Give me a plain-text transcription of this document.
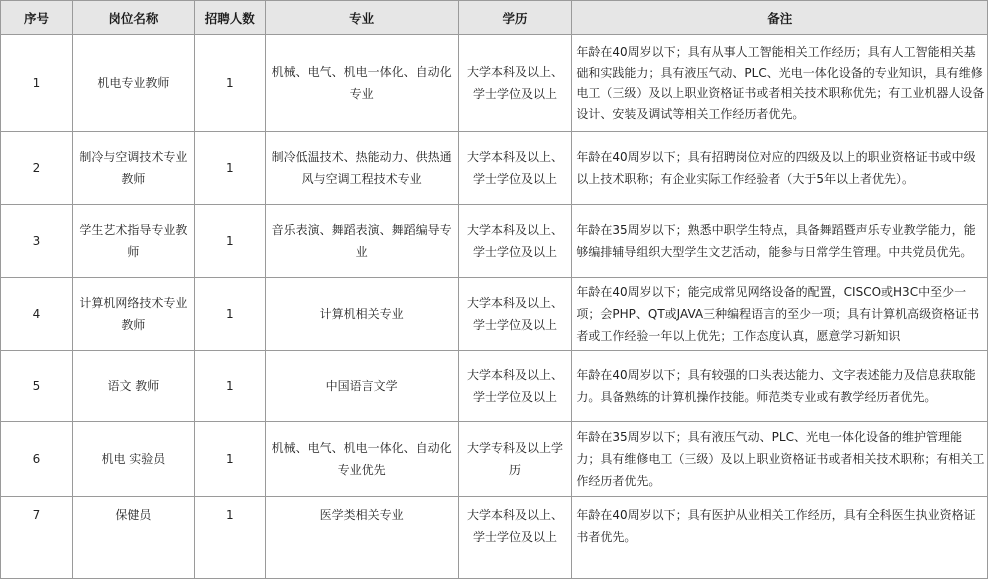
序号	岗位名称	招聘人数	专业	学历	备注
1	机电专业教师	1	机械、电气、机电一体化、自动化专业	大学本科及以上、学士学位及以上	年龄在40周岁以下；具有从事人工智能相关工作经历；具有人工智能相关基础和实践能力；具有液压气动、PLC、光电一体化设备的专业知识，具有维修电工（三级）及以上职业资格证书或者相关技术职称优先；有工业机器人设备设计、安装及调试等相关工作经历者优先。
2	制冷与空调技术专业教师	1	制冷低温技术、热能动力、供热通风与空调工程技术专业	大学本科及以上、学士学位及以上	年龄在40周岁以下；具有招聘岗位对应的四级及以上的职业资格证书或中级以上技术职称；有企业实际工作经验者（大于5年以上者优先）。
3	学生艺术指导专业教师	1	音乐表演、舞蹈表演、舞蹈编导专业	大学本科及以上、学士学位及以上	年龄在35周岁以下；熟悉中职学生特点，具备舞蹈暨声乐专业教学能力，能够编排辅导组织大型学生文艺活动，能参与日常学生管理。中共党员优先。
4	计算机网络技术专业教师	1	计算机相关专业	大学本科及以上、学士学位及以上	年龄在40周岁以下；能完成常见网络设备的配置，CISCO或H3C中至少一项；会PHP、QT或JAVA三种编程语言的至少一项；具有计算机高级资格证书者或工作经验一年以上优先；工作态度认真，愿意学习新知识
5	语文 教师	1	中国语言文学	大学本科及以上、学士学位及以上	年龄在40周岁以下；具有较强的口头表达能力、文字表述能力及信息获取能力。具备熟练的计算机操作技能。师范类专业或有教学经历者优先。
6	机电 实验员	1	机械、电气、机电一体化、自动化专业优先	大学专科及以上学历	年龄在35周岁以下；具有液压气动、PLC、光电一体化设备的维护管理能力；具有维修电工（三级）及以上职业资格证书或者相关技术职称；有相关工作经历者优先。
7	保健员	1	医学类相关专业	大学本科及以上、学士学位及以上	年龄在40周岁以下；具有医护从业相关工作经历，具有全科医生执业资格证书者优先。
